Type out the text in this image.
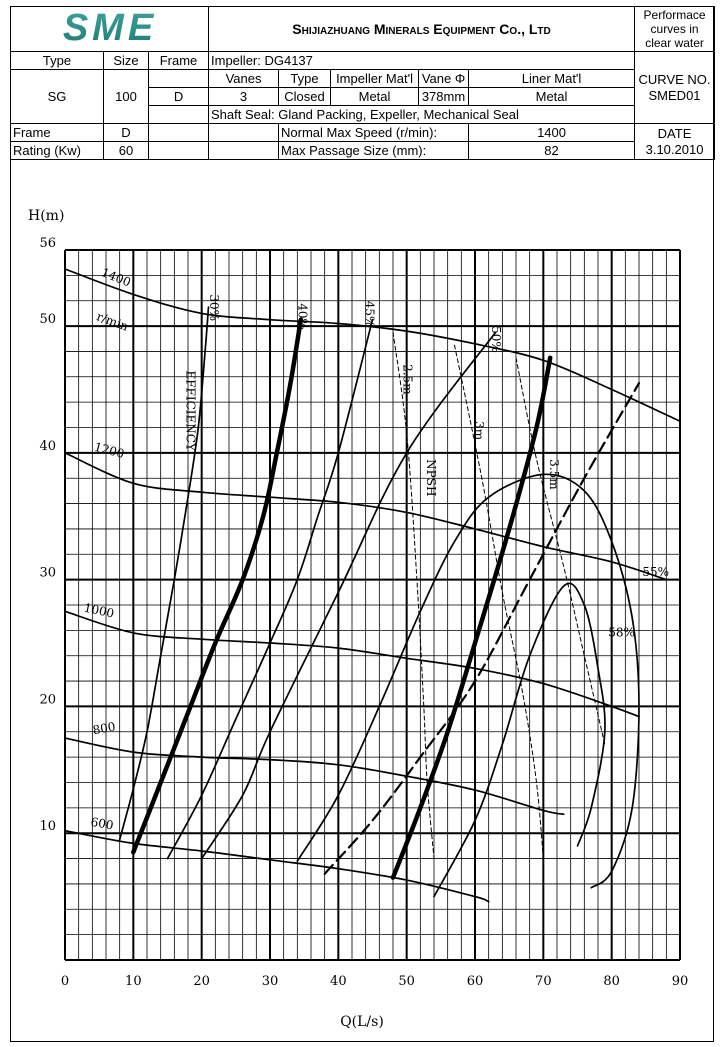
SME			Shijiazhuang Minerals Equipment Co., Ltd					Performace curves in clear water
Type	Size	Frame	Impeller: DG4137					CURVE NO.
SMED01

SG	100		Vanes	Type	Impeller Mat'l	Vane Φ	Liner Mat'l	
		D	3	Closed	Metal	378mm	Metal	
			Shaft Seal: Gland Packing, Expeller, Mechanical Seal					
Frame	D			Normal Max Speed (r/min):			1400	DATE
3.10.2010

Rating (Kw)	60			Max Passage Size (mm):			82	
0	10	20	30	40	50	60	70	80	90
10
20
30
40
50
56
1400
1200
1000
800
600
r/min
30%	40%	45%
50%
55%
58%
EFFICIENCY	2.5m
3m
3.5m
NPSH
H(m)
Q(L/s)
